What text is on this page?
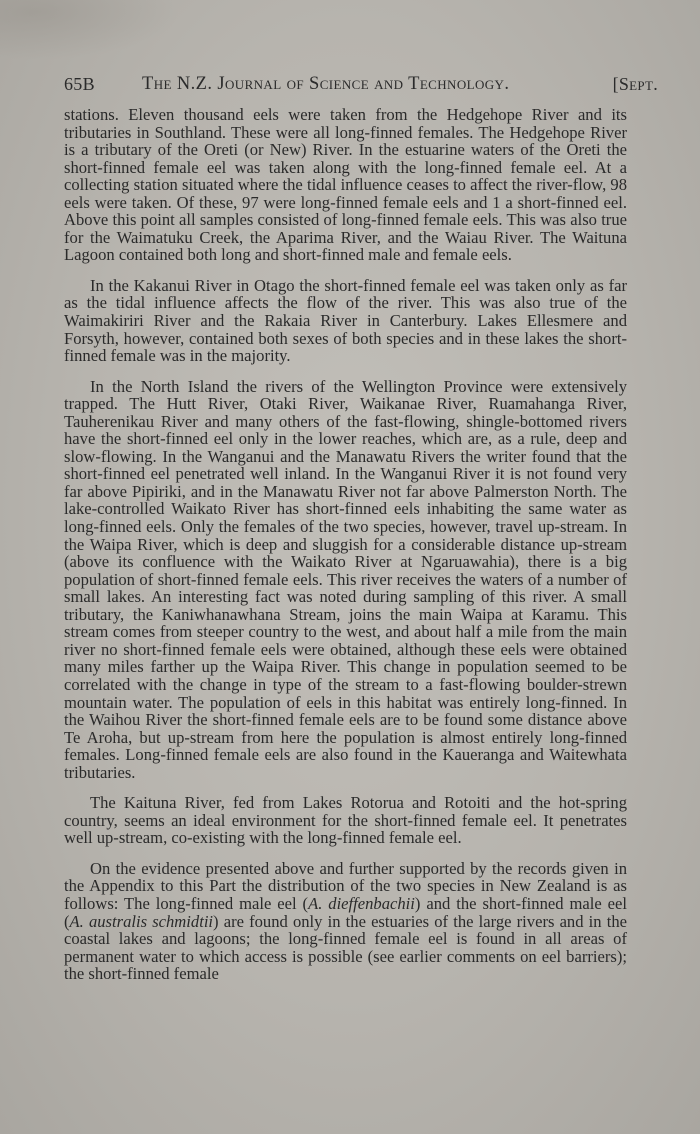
65B	The N.Z. Journal of Science and Technology.	[Sept.

stations. Eleven thousand eels were taken from the Hedgehope River and its tributaries in Southland. These were all long-finned females. The Hedgehope River is a tributary of the Oreti (or New) River. In the estuarine waters of the Oreti the short-finned female eel was taken along with the long-finned female eel. At a collecting station situated where the tidal influence ceases to affect the river-flow, 98 eels were taken. Of these, 97 were long-finned female eels and 1 a short-finned eel. Above this point all samples consisted of long-finned female eels. This was also true for the Waimatuku Creek, the Aparima River, and the Waiau River. The Waituna Lagoon contained both long and short-finned male and female eels.

In the Kakanui River in Otago the short-finned female eel was taken only as far as the tidal influence affects the flow of the river. This was also true of the Waimakiriri River and the Rakaia River in Canterbury. Lakes Ellesmere and Forsyth, however, contained both sexes of both species and in these lakes the short-finned female was in the majority.

In the North Island the rivers of the Wellington Province were extensively trapped. The Hutt River, Otaki River, Waikanae River, Ruamahanga River, Tauherenikau River and many others of the fast-flowing, shingle-bottomed rivers have the short-finned eel only in the lower reaches, which are, as a rule, deep and slow-flowing. In the Wanganui and the Manawatu Rivers the writer found that the short-finned eel penetrated well inland. In the Wanganui River it is not found very far above Pipiriki, and in the Manawatu River not far above Palmerston North. The lake-controlled Waikato River has short-finned eels inhabiting the same water as long-finned eels. Only the females of the two species, however, travel up-stream. In the Waipa River, which is deep and sluggish for a considerable distance up-stream (above its confluence with the Waikato River at Ngaruawahia), there is a big population of short-finned female eels. This river receives the waters of a number of small lakes. An interesting fact was noted during sampling of this river. A small tributary, the Kaniwhanawhana Stream, joins the main Waipa at Karamu. This stream comes from steeper country to the west, and about half a mile from the main river no short-finned female eels were obtained, although these eels were obtained many miles farther up the Waipa River. This change in population seemed to be correlated with the change in type of the stream to a fast-flowing boulder-strewn mountain water. The population of eels in this habitat was entirely long-finned. In the Waihou River the short-finned female eels are to be found some distance above Te Aroha, but up-stream from here the population is almost entirely long-finned females. Long-finned female eels are also found in the Kaueranga and Waitewhata tributaries.

The Kaituna River, fed from Lakes Rotorua and Rotoiti and the hot-spring country, seems an ideal environment for the short-finned female eel. It penetrates well up-stream, co-existing with the long-finned female eel.

On the evidence presented above and further supported by the records given in the Appendix to this Part the distribution of the two species in New Zealand is as follows: The long-finned male eel (A. dieffenbachii) and the short-finned male eel (A. australis schmidtii) are found only in the estuaries of the large rivers and in the coastal lakes and lagoons; the long-finned female eel is found in all areas of permanent water to which access is possible (see earlier comments on eel barriers); the short-finned female
